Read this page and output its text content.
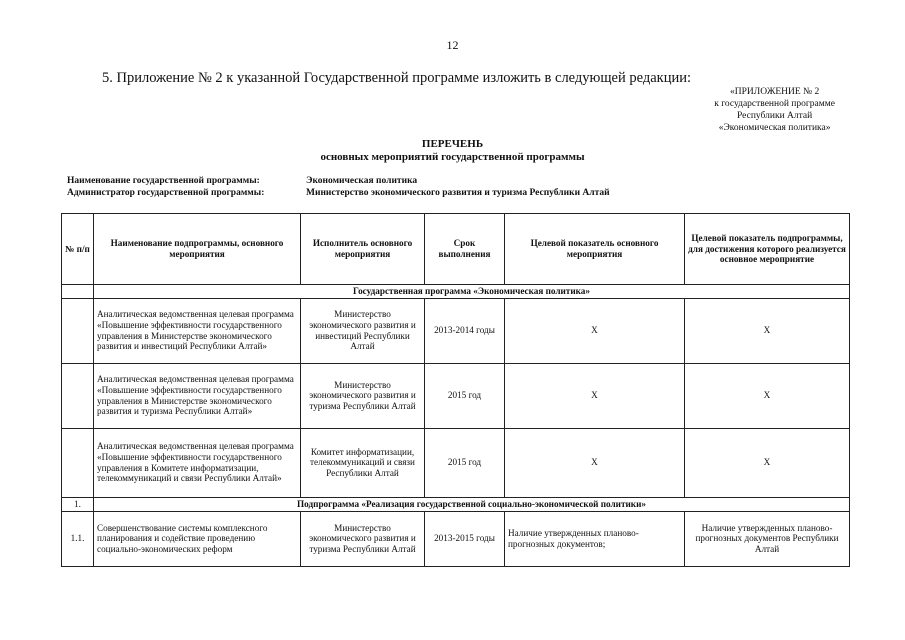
12
5. Приложение № 2 к указанной Государственной программе изложить в следующей редакции:
«ПРИЛОЖЕНИЕ № 2
к государственной программе
Республики Алтай
«Экономическая политика»
ПЕРЕЧЕНЬ
основных мероприятий государственной программы
Наименование государственной программы:	Экономическая политика
Администратор государственной программы:	Министерство экономического развития и туризма Республики Алтай
№ п/п	Наименование подпрограммы, основного мероприятия	Исполнитель основного мероприятия	Срок выполнения	Целевой показатель основного мероприятия	Целевой показатель подпрограммы, для достижения которого реализуется основное мероприятие
	Государственная программа «Экономическая политика»				
	Аналитическая ведомственная целевая программа «Повышение эффективности государственного управления в Министерстве экономического развития и инвестиций Республики Алтай»	Министерство экономического развития и инвестиций Республики Алтай	2013-2014 годы	X	X
	Аналитическая ведомственная целевая программа «Повышение эффективности государственного управления в Министерстве экономического развития и туризма Республики Алтай»	Министерство экономического развития и туризма Республики Алтай	2015 год	X	X
	Аналитическая ведомственная целевая программа «Повышение эффективности государственного управления в Комитете информатизации, телекоммуникаций и связи Республики Алтай»	Комитет информатизации, телекоммуникаций и связи Республики Алтай	2015 год	X	X
1.	Подпрограмма «Реализация государственной социально-экономической политики»				
1.1.	Совершенствование системы комплексного планирования и содействие проведению социально-экономических реформ	Министерство экономического развития и туризма Республики Алтай	2013-2015 годы	Наличие утвержденных планово-прогнозных документов;	Наличие утвержденных планово-прогнозных документов Республики Алтай
